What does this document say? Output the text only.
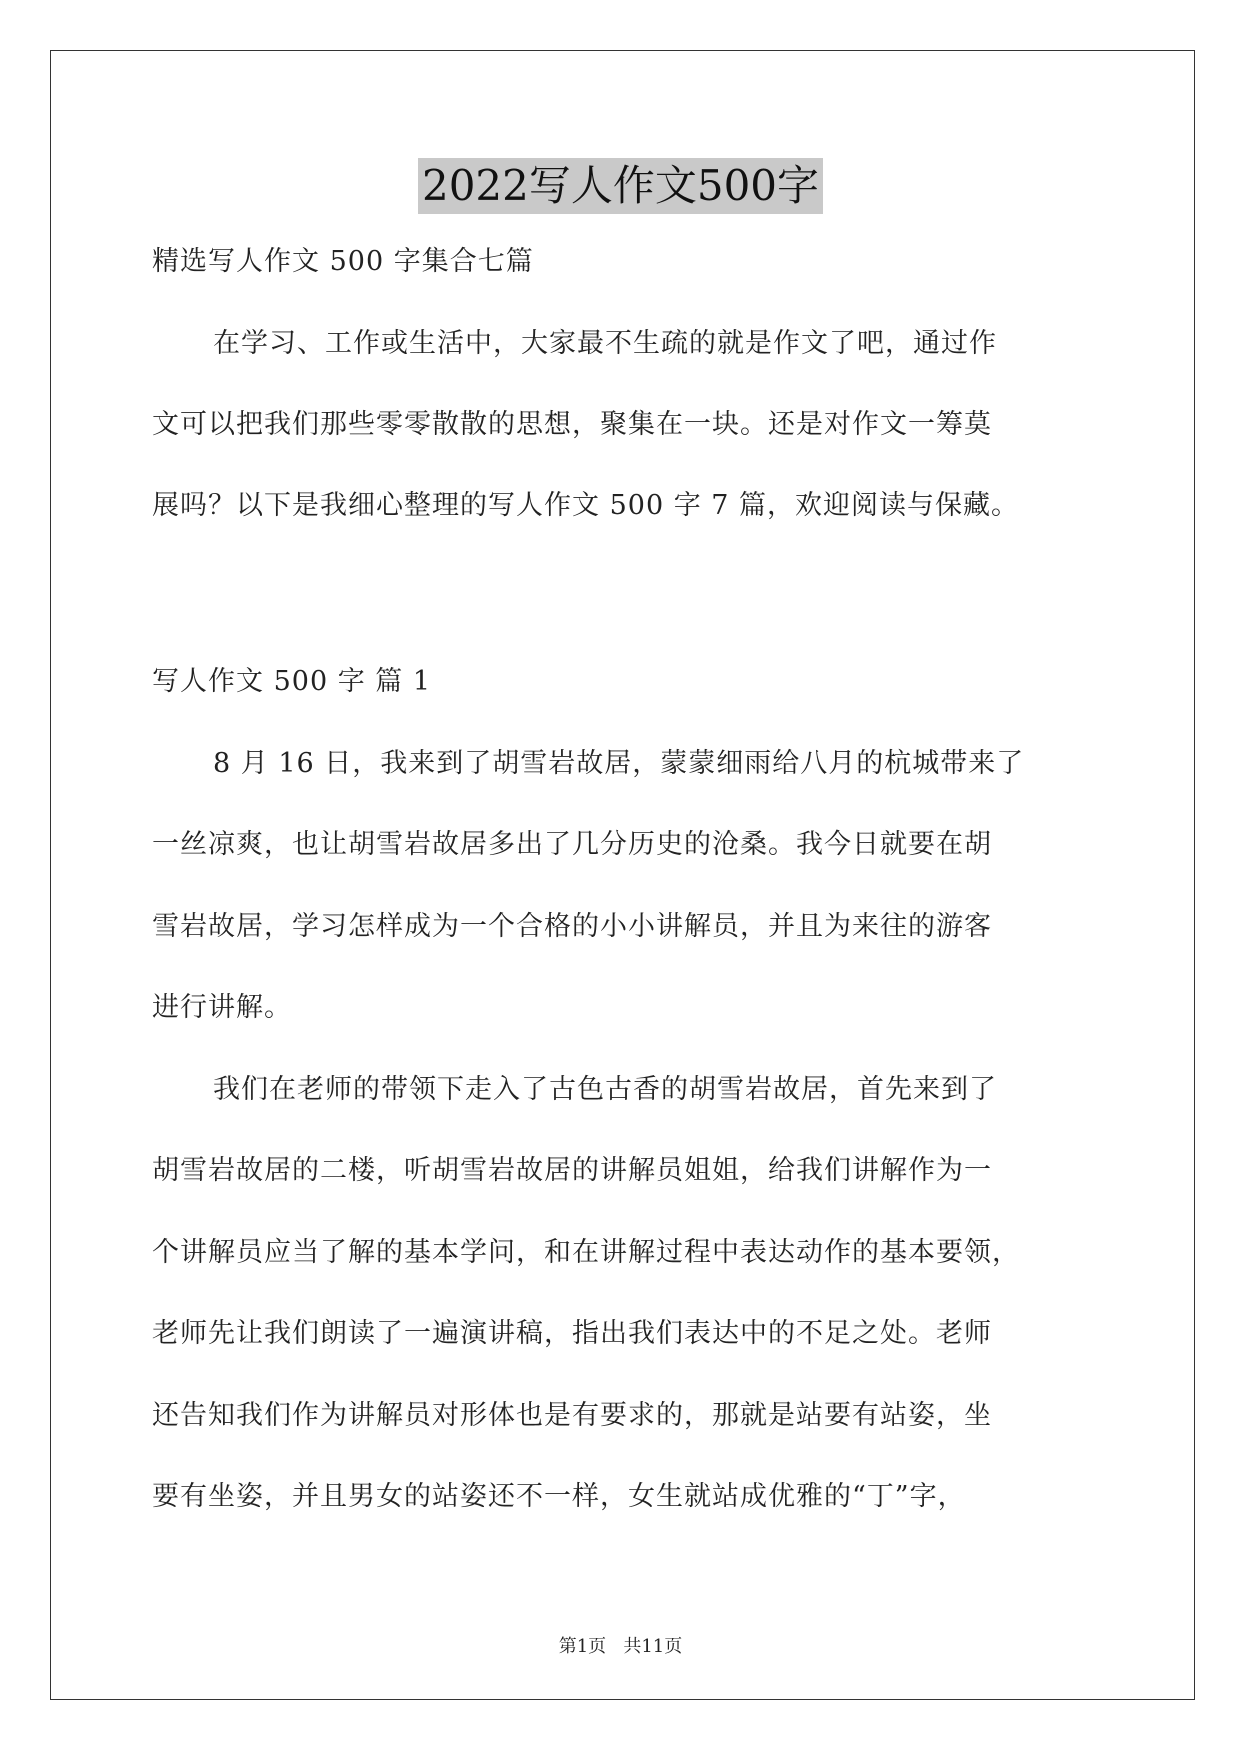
2022写人作文500字
精选写人作文 500 字集合七篇
在学习、工作或生活中，大家最不生疏的就是作文了吧，通过作
文可以把我们那些零零散散的思想，聚集在一块。还是对作文一筹莫
展吗？以下是我细心整理的写人作文 500 字 7 篇，欢迎阅读与保藏。
写人作文 500 字 篇 1
8 月 16 日，我来到了胡雪岩故居，蒙蒙细雨给八月的杭城带来了
一丝凉爽，也让胡雪岩故居多出了几分历史的沧桑。我今日就要在胡
雪岩故居，学习怎样成为一个合格的小小讲解员，并且为来往的游客
进行讲解。
我们在老师的带领下走入了古色古香的胡雪岩故居，首先来到了
胡雪岩故居的二楼，听胡雪岩故居的讲解员姐姐，给我们讲解作为一
个讲解员应当了解的基本学问，和在讲解过程中表达动作的基本要领，
老师先让我们朗读了一遍演讲稿，指出我们表达中的不足之处。老师
还告知我们作为讲解员对形体也是有要求的，那就是站要有站姿，坐
要有坐姿，并且男女的站姿还不一样，女生就站成优雅的“丁”字，
第1页   共11页
